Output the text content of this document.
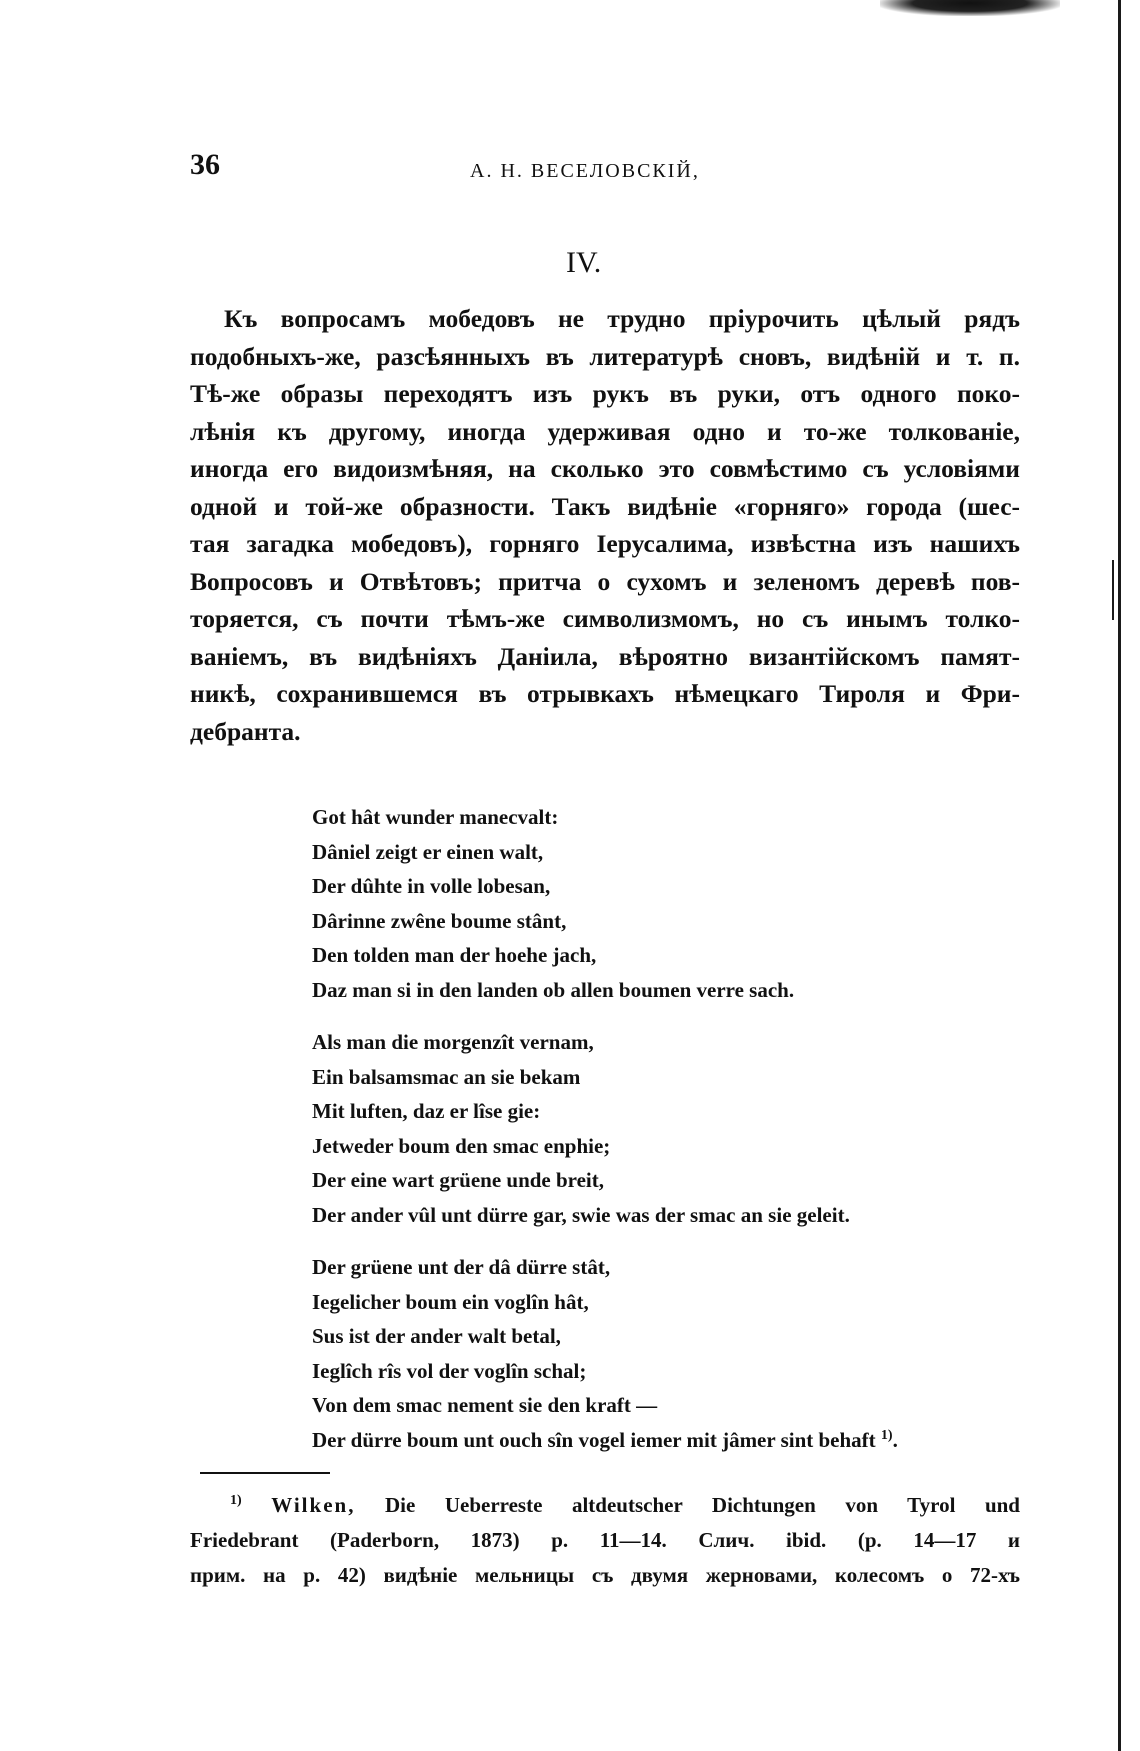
36	А. Н. ВЕСЕЛОВСКІЙ,
IV.
Къ вопросамъ мобедовъ не трудно пріурочить цѣлый рядъ
подобныхъ-же, разсѣянныхъ въ литературѣ сновъ, видѣній и т. п.
Тѣ-же образы переходятъ изъ рукъ въ руки, отъ одного поко-
лѣнія къ другому, иногда удерживая одно и то-же толкованіе,
иногда его видоизмѣняя, на сколько это совмѣстимо съ условіями
одной и той-же образности. Такъ видѣніе «горняго» города (шес-
тая загадка мобедовъ), горняго Іерусалима, извѣстна изъ нашихъ
Вопросовъ и Отвѣтовъ; притча о сухомъ и зеленомъ деревѣ пов-
торяется, съ почти тѣмъ-же символизмомъ, но съ инымъ толко-
ваніемъ, въ видѣніяхъ Даніила, вѣроятно византійскомъ памят-
никѣ, сохранившемся въ отрывкахъ нѣмецкаго Тироля и Фри-
дебранта.
Got hât wunder manecvalt:
Dâniel zeigt er einen walt,
Der dûhte in volle lobesan,
Dârinne zwêne boume stânt,
Den tolden man der hoehe jach,
Daz man si in den landen ob allen boumen verre sach.
Als man die morgenzît vernam,
Ein balsamsmac an sie bekam
Mit luften, daz er lîse gie:
Jetweder boum den smac enphie;
Der eine wart grüene unde breit,
Der ander vûl unt dürre gar, swie was der smac an sie geleit.
Der grüene unt der dâ dürre stât,
Iegelicher boum ein voglîn hât,
Sus ist der ander walt betal,
Ieglîch rîs vol der voglîn schal;
Von dem smac nement sie den kraft —
Der dürre boum unt ouch sîn vogel iemer mit jâmer sint behaft $^{1)}$.
$^{1)}$ Wilken, Die Ueberreste altdeutscher Dichtungen von Tyrol und
Friedebrant (Paderborn, 1873) p. 11—14. Слич. ibid. (p. 14—17 и
прим. на р. 42) видѣніе мельницы съ двумя жерновами, колесомъ о 72-хъ
